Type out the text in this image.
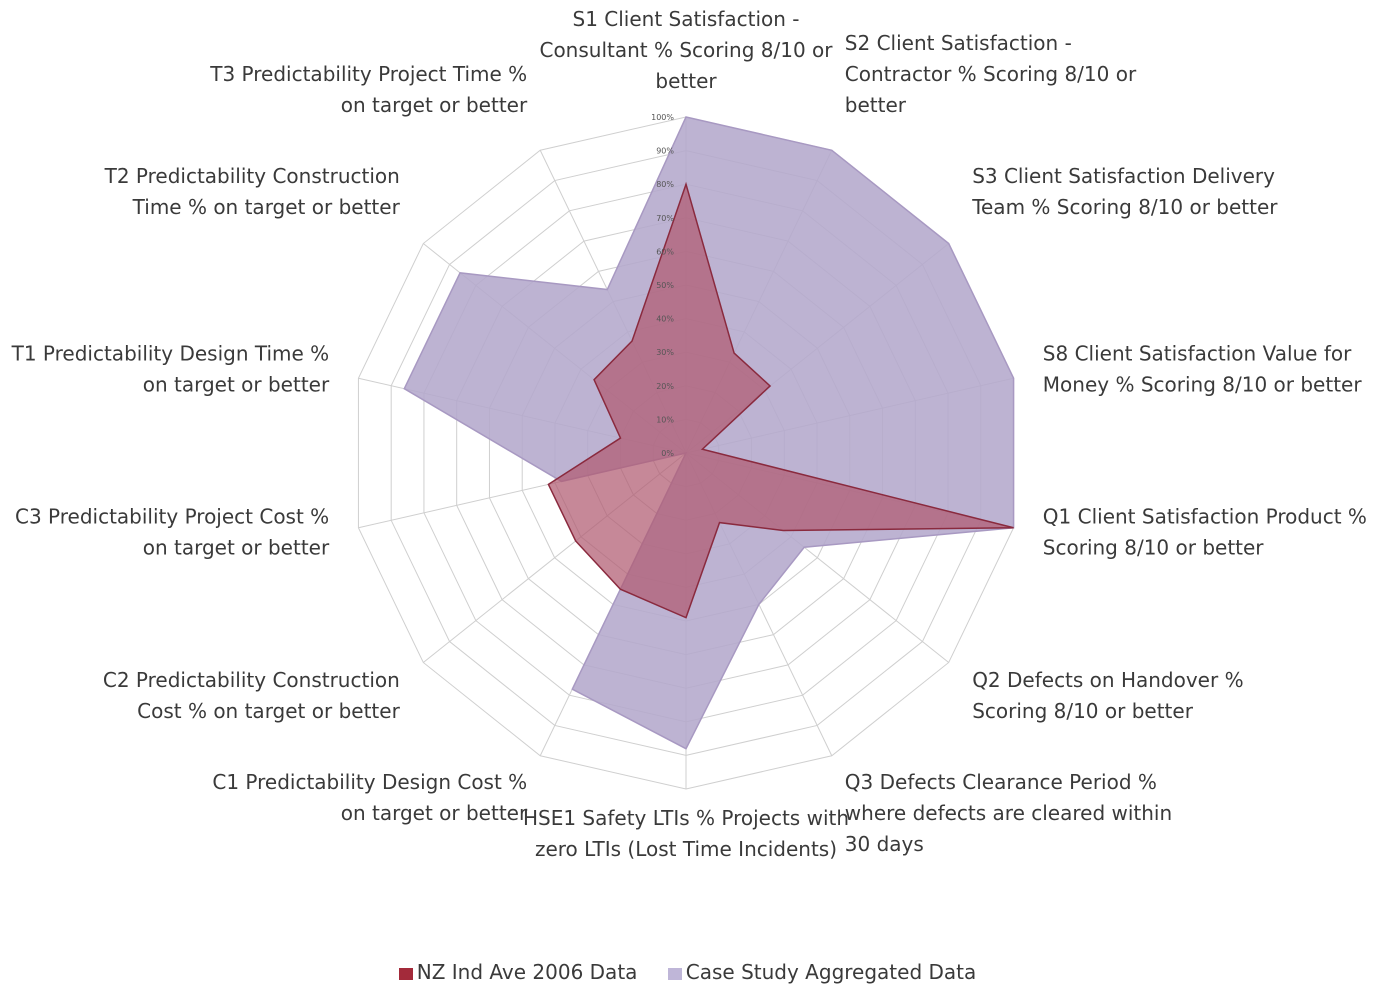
0%
10%
20%
30%
40%
50%
60%
70%
80%
90%
100%
S1 Client Satisfaction -Consultant % Scoring 8/10 or better
S2 Client Satisfaction -Contractor % Scoring 8/10 or better
S3 Client Satisfaction Delivery Team % Scoring 8/10 or better
S8 Client Satisfaction Value for Money % Scoring 8/10 or better
Q1 Client Satisfaction Product % Scoring 8/10 or better
Q2 Defects on Handover % Scoring 8/10 or better
Q3 Defects Clearance Period % where defects are cleared within 30 days
HSE1 Safety LTIs % Projects with zero LTIs (Lost Time Incidents)
C1 Predictability Design Cost % on target or better
C2 Predictability Construction Cost % on target or better
C3 Predictability Project Cost % on target or better
T1 Predictability Design Time % on target or better
T2 Predictability Construction Time % on target or better
T3 Predictability Project Time % on target or better
NZ Ind Ave 2006 Data Case Study Aggregated Data
